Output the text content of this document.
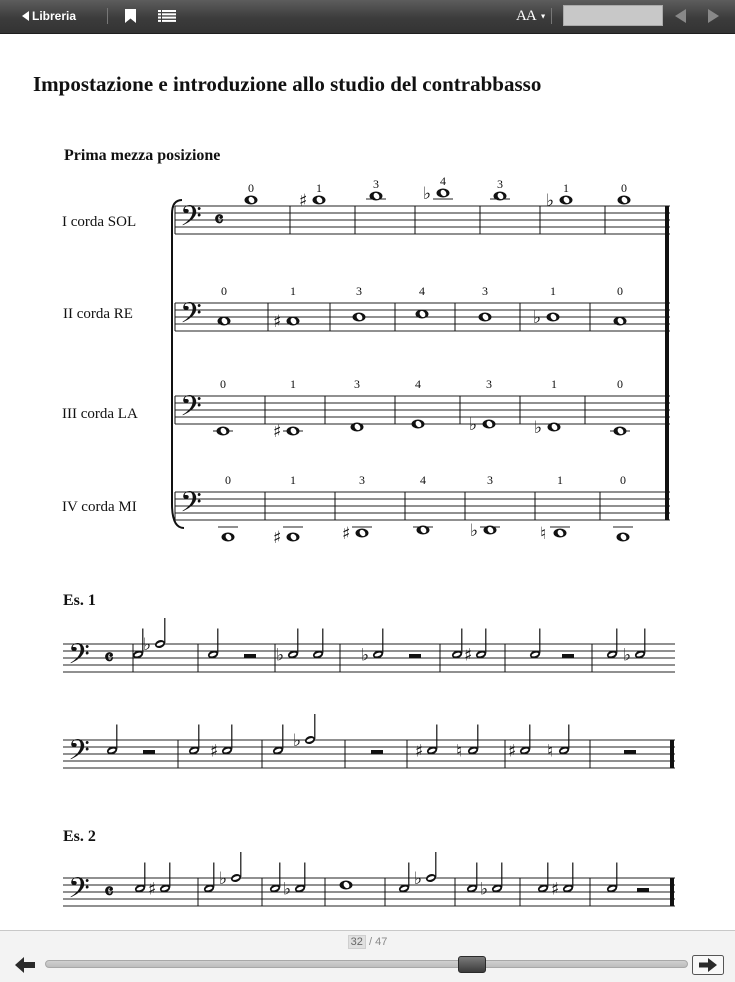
Libreria	AA ▼
Impostazione e introduzione allo studio del contrabbasso
Prima mezza posizione
I corda SOL
II corda RE
III corda LA
IV corda MI
Es. 1
Es. 2
𝄢
𝄢
𝄢
𝄢
𝄴
0
♯
1	3	♭
4	3
♭
1	0
0
♯
1	3	4	3
♭
1	0
0
♯
1	3	4
♭
3
♭
1	0
0
♯
1
♯
3	4
♭
3
♮
1	0
𝄢 𝄴 ♭
♭	♭	♯	♭
𝄢	♯
♭
♯ ♮	♯ ♮
𝄢 𝄴 ♯
♭
♭
♭
♭	♯
32 / 47
